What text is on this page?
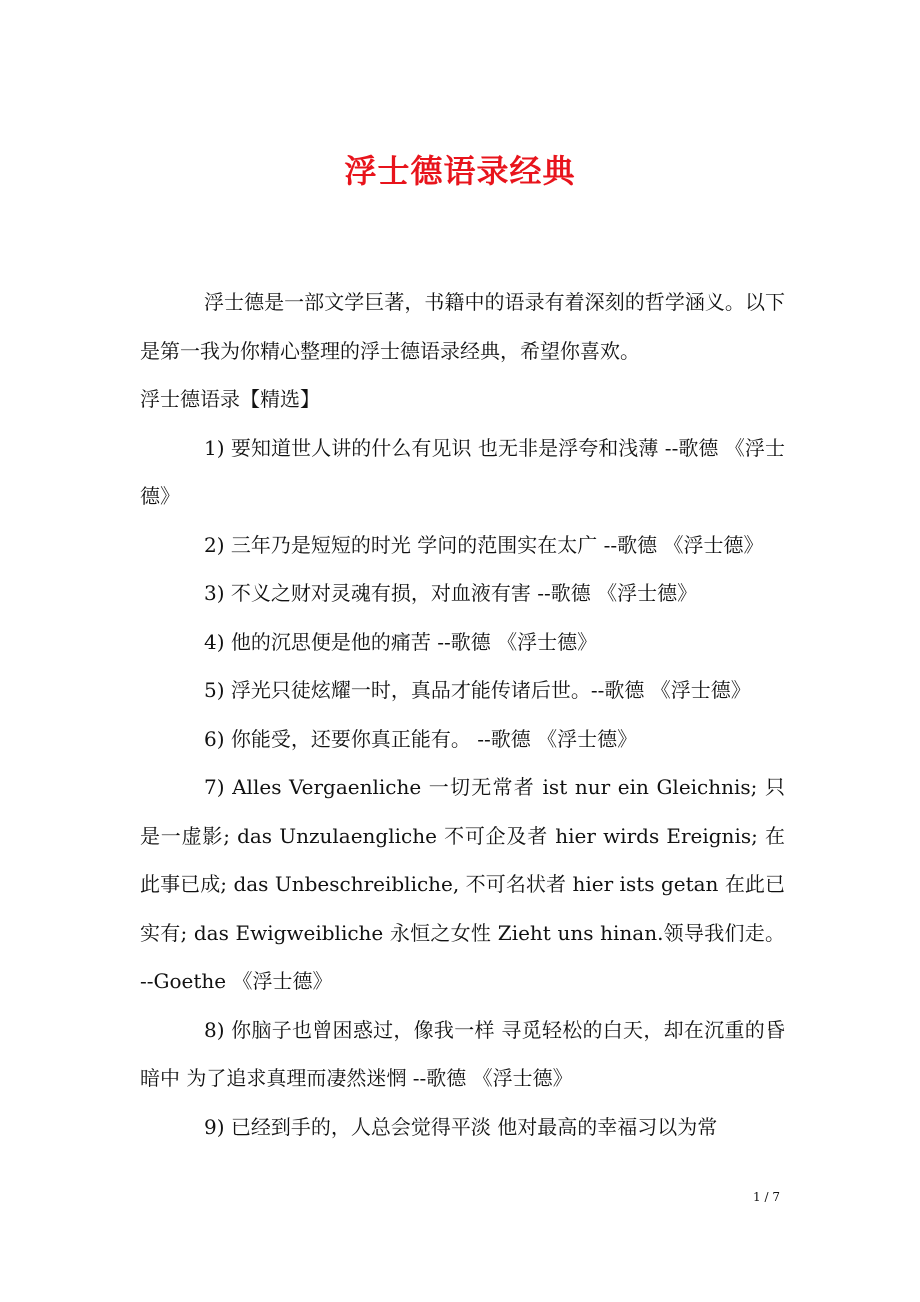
浮士德语录经典

浮士德是一部文学巨著，书籍中的语录有着深刻的哲学涵义。以下是第一我为你精心整理的浮士德语录经典，希望你喜欢。

浮士德语录【精选】

1) 要知道世人讲的什么有见识 也无非是浮夸和浅薄 --歌德 《浮士德》

2) 三年乃是短短的时光 学问的范围实在太广 --歌德 《浮士德》

3) 不义之财对灵魂有损，对血液有害 --歌德 《浮士德》

4) 他的沉思便是他的痛苦 --歌德 《浮士德》

5) 浮光只徒炫耀一时，真品才能传诸后世。--歌德 《浮士德》

6) 你能受，还要你真正能有。 --歌德 《浮士德》

7) Alles Vergaenliche 一切无常者 ist nur ein Gleichnis; 只是一虚影; das Unzulaengliche 不可企及者 hier wirds Ereignis; 在此事已成; das Unbeschreibliche, 不可名状者 hier ists getan 在此已实有; das Ewigweibliche 永恒之女性 Zieht uns hinan.领导我们走。 --Goethe 《浮士德》

8) 你脑子也曾困惑过，像我一样 寻觅轻松的白天，却在沉重的昏暗中 为了追求真理而凄然迷惘 --歌德 《浮士德》

9) 已经到手的，人总会觉得平淡 他对最高的幸福习以为常

1 / 7
